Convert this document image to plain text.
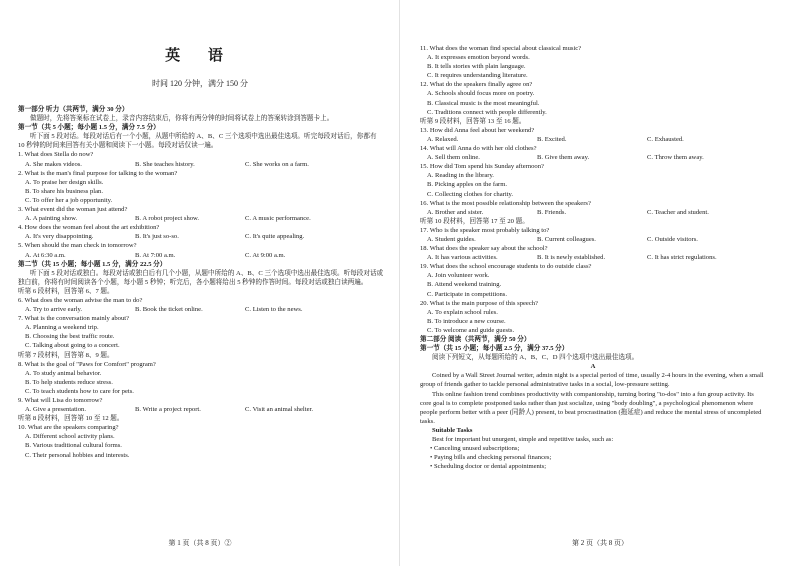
英 语
时间 120 分钟，满分 150 分
第一部分 听力（共两节，满分 30 分）
做题时，先将答案标在试卷上，录音内容结束后，你将有两分钟的时间将试卷上的答案转涂到答题卡上。
第一节（共 5 小题；每小题 1.5 分，满分 7.5 分）
听下面 5 段对话。每段对话后有一个小题，从题中所给的 A、B、C 三个选项中选出最佳选项。听完每段对话后，你都有 10 秒钟的时间来回答有关小题和阅读下一小题。每段对话仅读一遍。
1. What does Stella do now?
A. She makes videos.	B. She teaches history.	C. She works on a farm.
2. What is the man's final purpose for talking to the woman?
A. To praise her design skills.
B. To share his business plan.
C. To offer her a job opportunity.
3. What event did the woman just attend?
A. A painting show.	B. A robot project show.	C. A music performance.
4. How does the woman feel about the art exhibition?
A. It's very disappointing.	B. It's just so-so.	C. It's quite appealing.
5. When should the man check in tomorrow?
A. At 6:30 a.m.	B. At 7:00 a.m.	C. At 9:00 a.m.
第二节（共 15 小题；每小题 1.5 分，满分 22.5 分）
听下面 5 段对话或独白。每段对话或独白后有几个小题，从题中所给的 A、B、C 三个选项中选出最佳选项。听每段对话或独白前，你将有时间阅读各个小题，每小题 5 秒钟；听完后，各小题将给出 5 秒钟的作答时间。每段对话或独白读两遍。
听第 6 段材料，回答第 6、7 题。
6. What does the woman advise the man to do?
A. Try to arrive early.	B. Book the ticket online.	C. Listen to the news.
7. What is the conversation mainly about?
A. Planning a weekend trip.
B. Choosing the best traffic route.
C. Talking about going to a concert.
听第 7 段材料，回答第 8、9 题。
8. What is the goal of "Paws for Comfort" program?
A. To study animal behavior.
B. To help students reduce stress.
C. To teach students how to care for pets.
9. What will Lisa do tomorrow?
A. Give a presentation.	B. Write a project report.	C. Visit an animal shelter.
听第 8 段材料，回答第 10 至 12 题。
10. What are the speakers comparing?
A. Different school activity plans.
B. Various traditional cultural forms.
C. Their personal hobbies and interests.
第 1 页（共 8 页）②
11. What does the woman find special about classical music?
A. It expresses emotion beyond words.
B. It tells stories with plain language.
C. It requires understanding literature.
12. What do the speakers finally agree on?
A. Schools should focus more on poetry.
B. Classical music is the most meaningful.
C. Traditions connect with people differently.
听第 9 段材料，回答第 13 至 16 题。
13. How did Anna feel about her weekend?
A. Relaxed.	B. Excited.	C. Exhausted.
14. What will Anna do with her old clothes?
A. Sell them online.	B. Give them away.	C. Throw them away.
15. How did Tom spend his Sunday afternoon?
A. Reading in the library.
B. Picking apples on the farm.
C. Collecting clothes for charity.
16. What is the most possible relationship between the speakers?
A. Brother and sister.	B. Friends.	C. Teacher and student.
听第 10 段材料，回答第 17 至 20 题。
17. Who is the speaker most probably talking to?
A. Student guides.	B. Current colleagues.	C. Outside visitors.
18. What does the speaker say about the school?
A. It has various activities.	B. It is newly established.	C. It has strict regulations.
19. What does the school encourage students to do outside class?
A. Join volunteer work.
B. Attend weekend training.
C. Participate in competitions.
20. What is the main purpose of this speech?
A. To explain school rules.
B. To introduce a new course.
C. To welcome and guide guests.
第二部分 阅读（共两节，满分 50 分）
第一节（共 15 小题；每小题 2.5 分，满分 37.5 分）
阅读下列短文，从每题所给的 A、B、C、D 四个选项中选出最佳选项。
A
Coined by a Wall Street Journal writer, admin night is a special period of time, usually 2-4 hours in the evening, when a small group of friends gather to tackle personal administrative tasks in a social, low-pressure setting.
This online fashion trend combines productivity with companionship, turning boring "to-dos" into a fun group activity. Its core goal is to complete postponed tasks rather than just socialize, using "body doubling", a psychological phenomenon where people perform better with a peer (同龄人) present, to beat procrastination (拖延症) and reduce the mental stress of uncompleted tasks.
Suitable Tasks
Best for important but unurgent, simple and repetitive tasks, such as:
• Canceling unused subscriptions;
• Paying bills and checking personal finances;
• Scheduling doctor or dental appointments;
第 2 页（共 8 页）
